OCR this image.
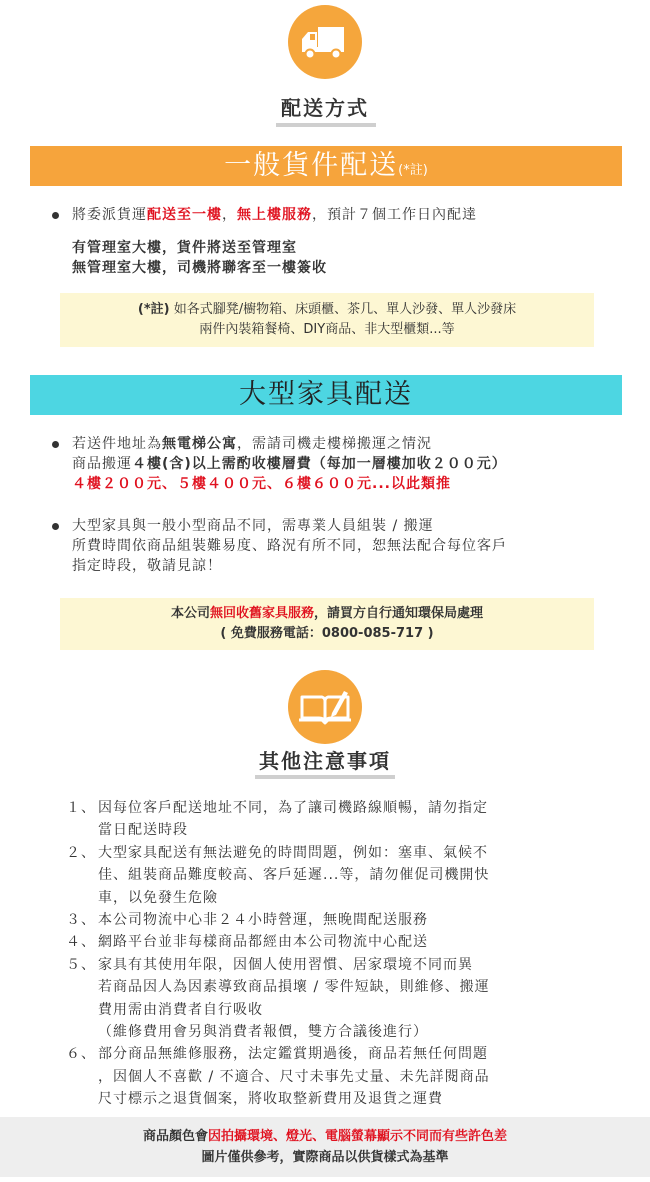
配送方式
一般貨件配送(*註)
將委派貨運配送至一樓，無上樓服務，預計７個工作日內配達
有管理室大樓，貨件將送至管理室
無管理室大樓，司機將聯客至一樓簽收
(*註) 如各式腳凳/櫥物箱、床頭櫃、茶几、單人沙發、單人沙發床
兩件內裝箱餐椅、DIY商品、非大型櫃類...等
大型家具配送
若送件地址為無電梯公寓，需請司機走樓梯搬運之情況
商品搬運４樓(含)以上需酌收樓層費（每加一層樓加收２００元）
４樓２００元、５樓４００元、６樓６００元...以此類推
大型家具與一般小型商品不同，需專業人員組裝 / 搬運
所費時間依商品組裝難易度、路況有所不同，恕無法配合每位客戶
指定時段，敬請見諒！
本公司無回收舊家具服務，請買方自行通知環保局處理
( 免費服務電話：0800-085-717 )
其他注意事項
１、 因每位客戶配送地址不同，為了讓司機路線順暢，請勿指定
當日配送時段
２、 大型家具配送有無法避免的時間問題，例如：塞車、氣候不
佳、組裝商品難度較高、客戶延遲...等，請勿催促司機開快
車，以免發生危險
３、 本公司物流中心非２４小時營運，無晚間配送服務
４、 網路平台並非每樣商品都經由本公司物流中心配送
５、 家具有其使用年限，因個人使用習慣、居家環境不同而異
若商品因人為因素導致商品損壞 / 零件短缺，則維修、搬運
費用需由消費者自行吸收
（維修費用會另與消費者報價，雙方合議後進行）
６、 部分商品無維修服務，法定鑑賞期過後，商品若無任何問題
，因個人不喜歡 / 不適合、尺寸未事先丈量、未先詳閱商品
尺寸標示之退貨個案，將收取整新費用及退貨之運費
商品顏色會因拍攝環境、燈光、電腦螢幕顯示不同而有些許色差
圖片僅供參考，實際商品以供貨樣式為基準
